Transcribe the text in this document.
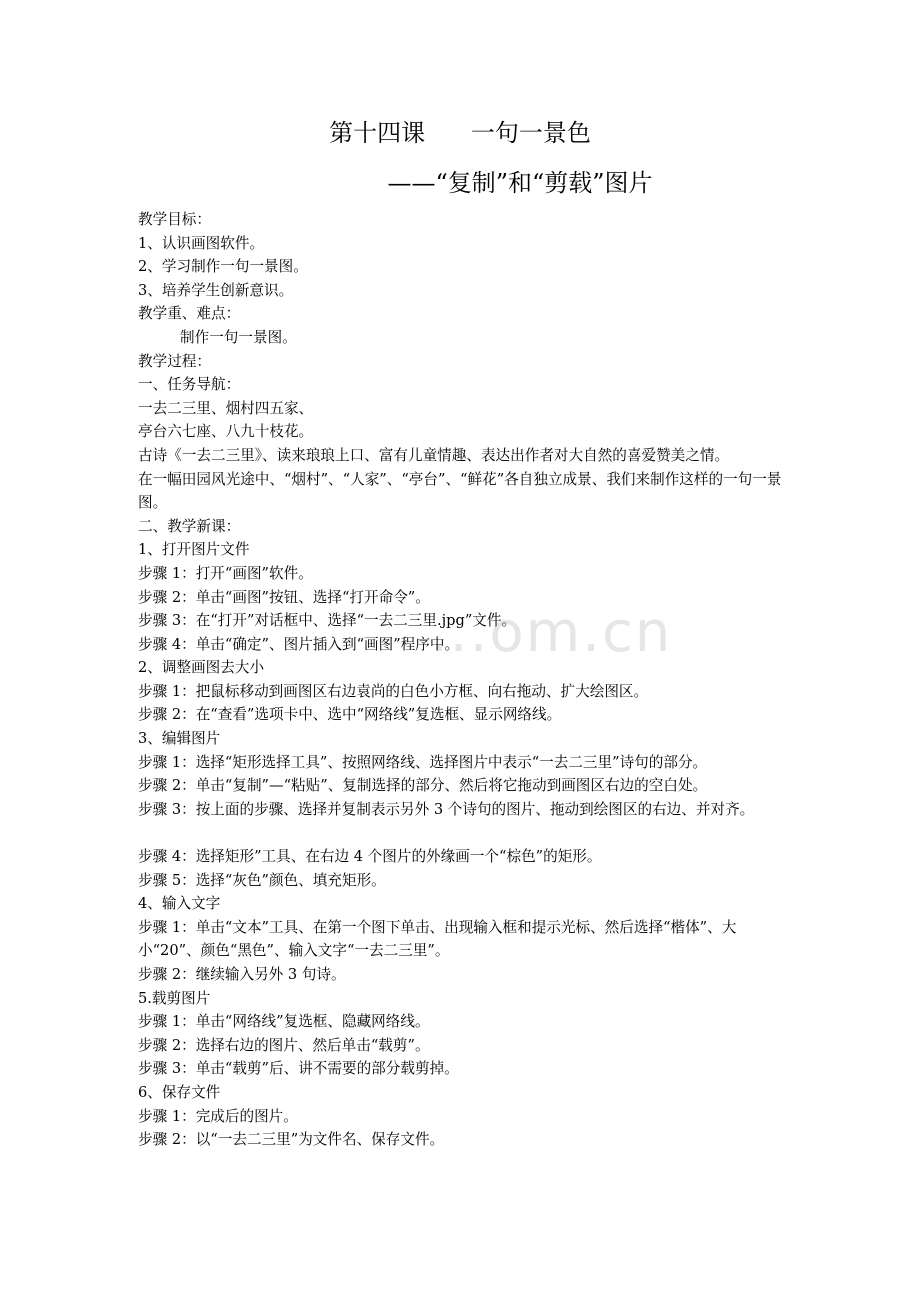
...om.cn
第十四课      一句一景色
——“复制”和“剪载”图片
教学目标：
1、认识画图软件。
2、学习制作一句一景图。
3、培养学生创新意识。
教学重、难点：
制作一句一景图。
教学过程：
一、任务导航：
一去二三里、烟村四五家、
亭台六七座、八九十枝花。
古诗《一去二三里》、读来琅琅上口、富有儿童情趣、表达出作者对大自然的喜爱赞美之情。
在一幅田园风光途中、“烟村”、“人家”、“亭台”、“鲜花”各自独立成景、我们来制作这样的一句一景图。
二、教学新课：
1、打开图片文件
步骤 1：打开“画图”软件。
步骤 2：单击“画图”按钮、选择“打开命令”。
步骤 3：在“打开”对话框中、选择“一去二三里.jpg”文件。
步骤 4：单击“确定”、图片插入到“画图”程序中。
2、调整画图去大小
步骤 1：把鼠标移动到画图区右边袁尚的白色小方框、向右拖动、扩大绘图区。
步骤 2：在“查看”选项卡中、选中“网络线”复选框、显示网络线。
3、编辑图片
步骤 1：选择“矩形选择工具”、按照网络线、选择图片中表示“一去二三里”诗句的部分。
步骤 2：单击“复制”—“粘贴”、复制选择的部分、然后将它拖动到画图区右边的空白处。
步骤 3：按上面的步骤、选择并复制表示另外 3 个诗句的图片、拖动到绘图区的右边、并对齐。
步骤 4：选择矩形”工具、在右边 4 个图片的外缘画一个“棕色”的矩形。
步骤 5：选择“灰色”颜色、填充矩形。
4、输入文字
步骤 1：单击“文本”工具、在第一个图下单击、出现输入框和提示光标、然后选择“楷体”、大小“20”、颜色“黑色”、输入文字“一去二三里”。
步骤 2：继续输入另外 3 句诗。
5.载剪图片
步骤 1：单击“网络线”复选框、隐藏网络线。
步骤 2：选择右边的图片、然后单击“载剪”。
步骤 3：单击“载剪”后、讲不需要的部分载剪掉。
6、保存文件
步骤 1：完成后的图片。
步骤 2：以“一去二三里”为文件名、保存文件。
